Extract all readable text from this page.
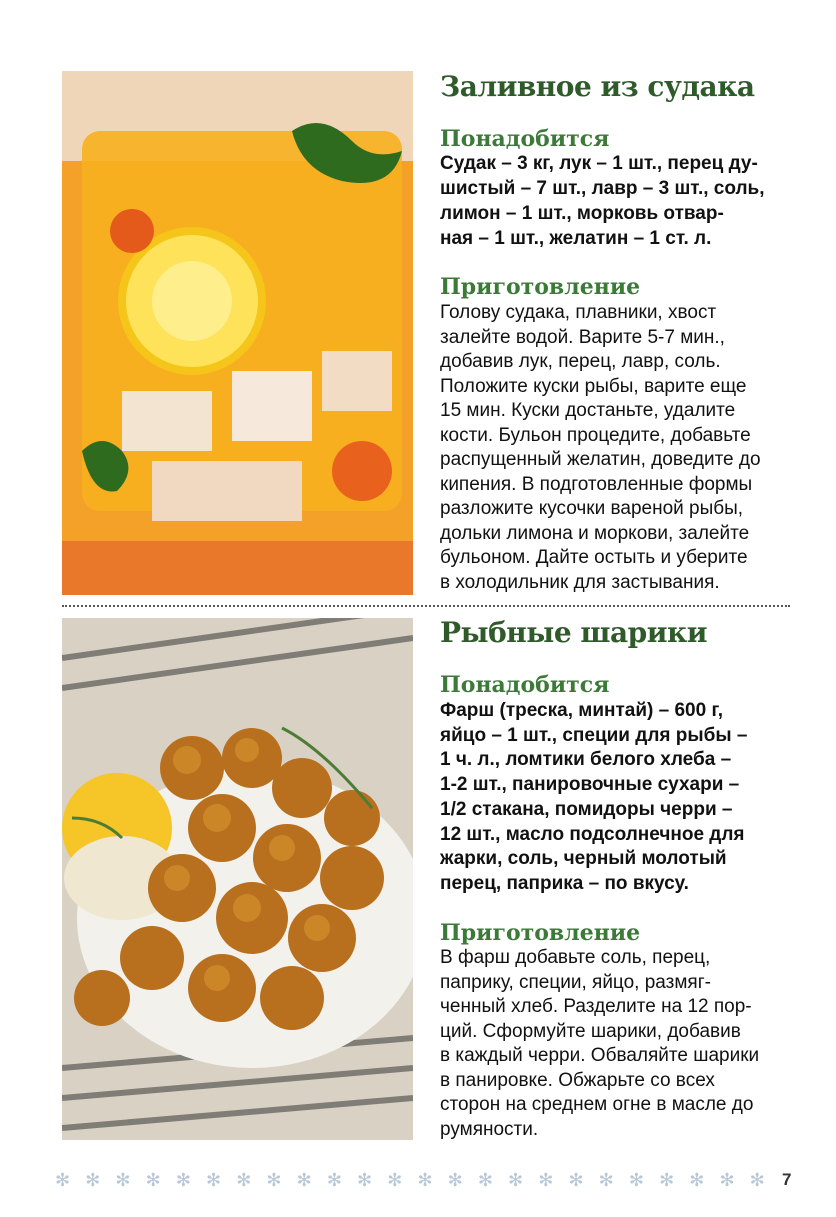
Заливное из судака
Понадобится

Судак – 3 кг, лук – 1 шт., перец ду-

шистый – 7 шт., лавр – 3 шт., соль,

лимон – 1 шт., морковь отвар-

ная – 1 шт., желатин – 1 ст. л.

Приготовление

Голову судака, плавники, хвост

залейте водой. Варите 5-7 мин.,

добавив лук, перец, лавр, соль.

Положите куски рыбы, варите еще

15 мин. Куски достаньте, удалите

кости. Бульон процедите, добавьте

распущенный желатин, доведите до

кипения. В подготовленные формы

разложите кусочки вареной рыбы,

дольки лимона и моркови, залейте

бульоном. Дайте остыть и уберите

в холодильник для застывания.

Рыбные шарики
Понадобится

Фарш (треска, минтай) – 600 г,

яйцо – 1 шт., специи для рыбы –

1 ч. л., ломтики белого хлеба –

1-2 шт., панировочные сухари –

1/2 стакана, помидоры черри –

12 шт., масло подсолнечное для

жарки, соль, черный молотый

перец, паприка – по вкусу.

Приготовление

В фарш добавьте соль, перец,

паприку, специи, яйцо, размяг-

ченный хлеб. Разделите на 12 пор-

ций. Сформуйте шарики, добавив

в каждый черри. Обваляйте шарики

в панировке. Обжарьте со всех

сторон на среднем огне в масле до

румяности.

✻ ✻ ✻ ✻ ✻ ✻ ✻ ✻ ✻ ✻ ✻ ✻ ✻ ✻ ✻ ✻ ✻ ✻ ✻ ✻ ✻ ✻ ✻ ✻ 7
